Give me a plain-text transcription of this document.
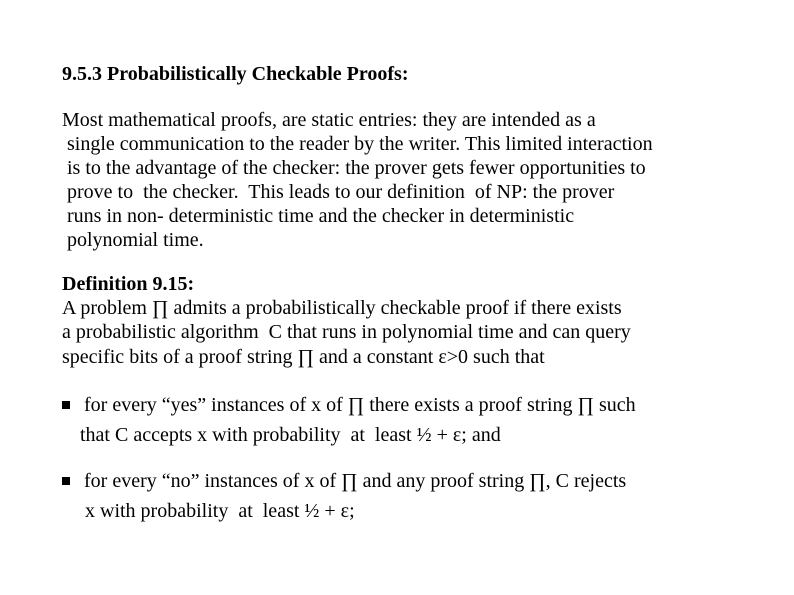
9.5.3 Probabilistically Checkable Proofs:
Most mathematical proofs, are static entries: they are intended as a
single communication to the reader by the writer. This limited interaction
is to the advantage of the checker: the prover gets fewer opportunities to
prove to  the checker.  This leads to our definition  of NP: the prover
runs in non- deterministic time and the checker in deterministic
polynomial time.
Definition 9.15:
A problem ∏ admits a probabilistically checkable proof if there exists
a probabilistic algorithm  C that runs in polynomial time and can query
specific bits of a proof string ∏ and a constant ε>0 such that
for every “yes” instances of x of ∏ there exists a proof string ∏ such
that C accepts x with probability  at  least ½ + ε; and
for every “no” instances of x of ∏ and any proof string ∏, C rejects
x with probability  at  least ½ + ε;
